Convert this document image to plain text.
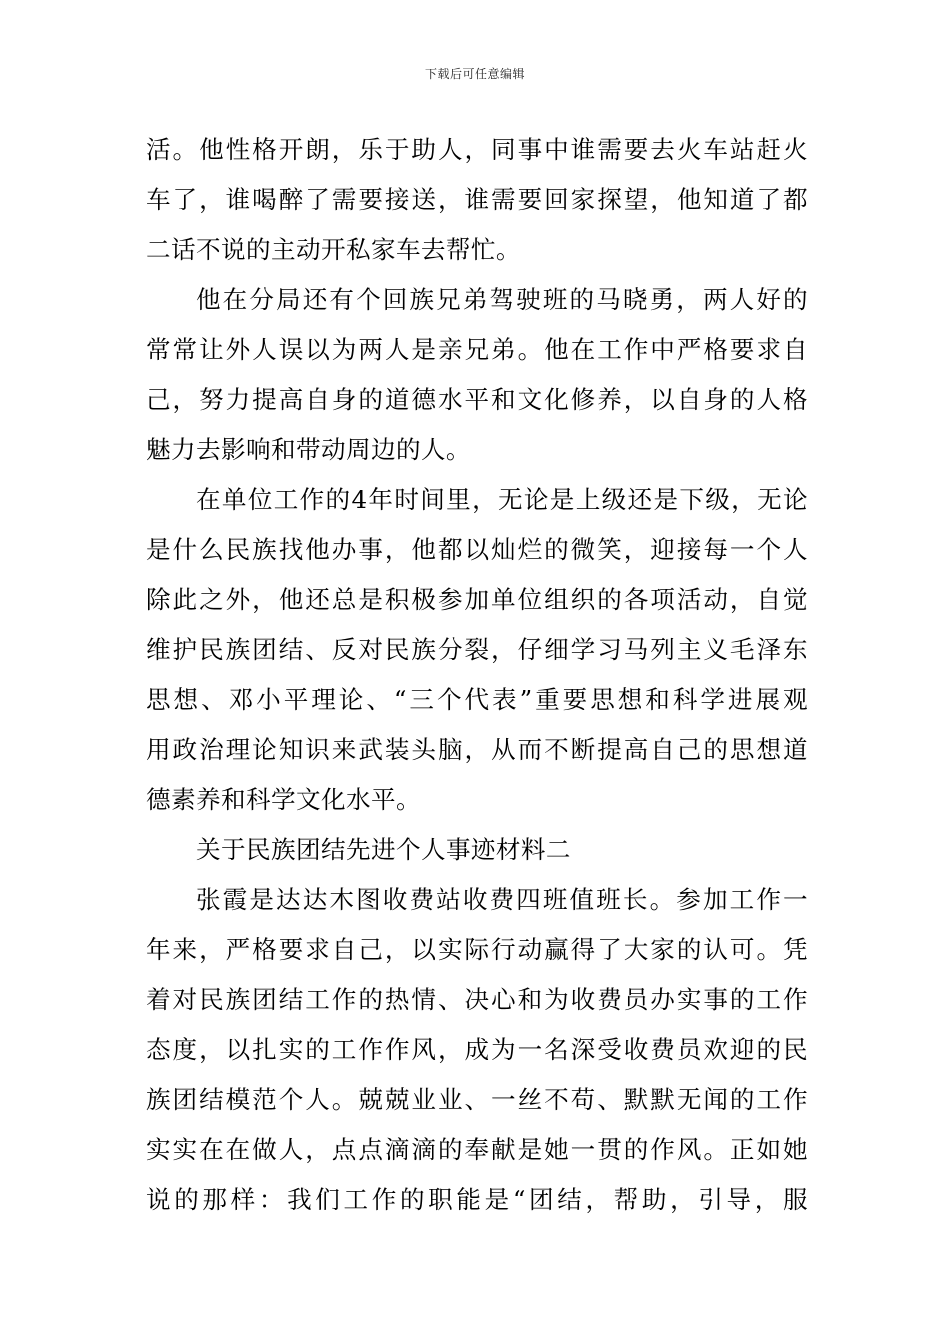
下载后可任意编辑
活。他性格开朗，乐于助人，同事中谁需要去火车站赶火
车了，谁喝醉了需要接送，谁需要回家探望，他知道了都
二话不说的主动开私家车去帮忙。
他在分局还有个回族兄弟驾驶班的马晓勇，两人好的
常常让外人误以为两人是亲兄弟。他在工作中严格要求自
己，努力提高自身的道德水平和文化修养，以自身的人格
魅力去影响和带动周边的人。
在单位工作的4年时间里，无论是上级还是下级，无论
是什么民族找他办事，他都以灿烂的微笑，迎接每一个人
除此之外，他还总是积极参加单位组织的各项活动，自觉
维护民族团结、反对民族分裂，仔细学习马列主义毛泽东
思想、邓小平理论、“三个代表”重要思想和科学进展观
用政治理论知识来武装头脑，从而不断提高自己的思想道
德素养和科学文化水平。
关于民族团结先进个人事迹材料二
张霞是达达木图收费站收费四班值班长。参加工作一
年来，严格要求自己，以实际行动赢得了大家的认可。凭
着对民族团结工作的热情、决心和为收费员办实事的工作
态度，以扎实的工作作风，成为一名深受收费员欢迎的民
族团结模范个人。兢兢业业、一丝不苟、默默无闻的工作
实实在在做人，点点滴滴的奉献是她一贯的作风。正如她
说的那样：我们工作的职能是“团结，帮助，引导，服
